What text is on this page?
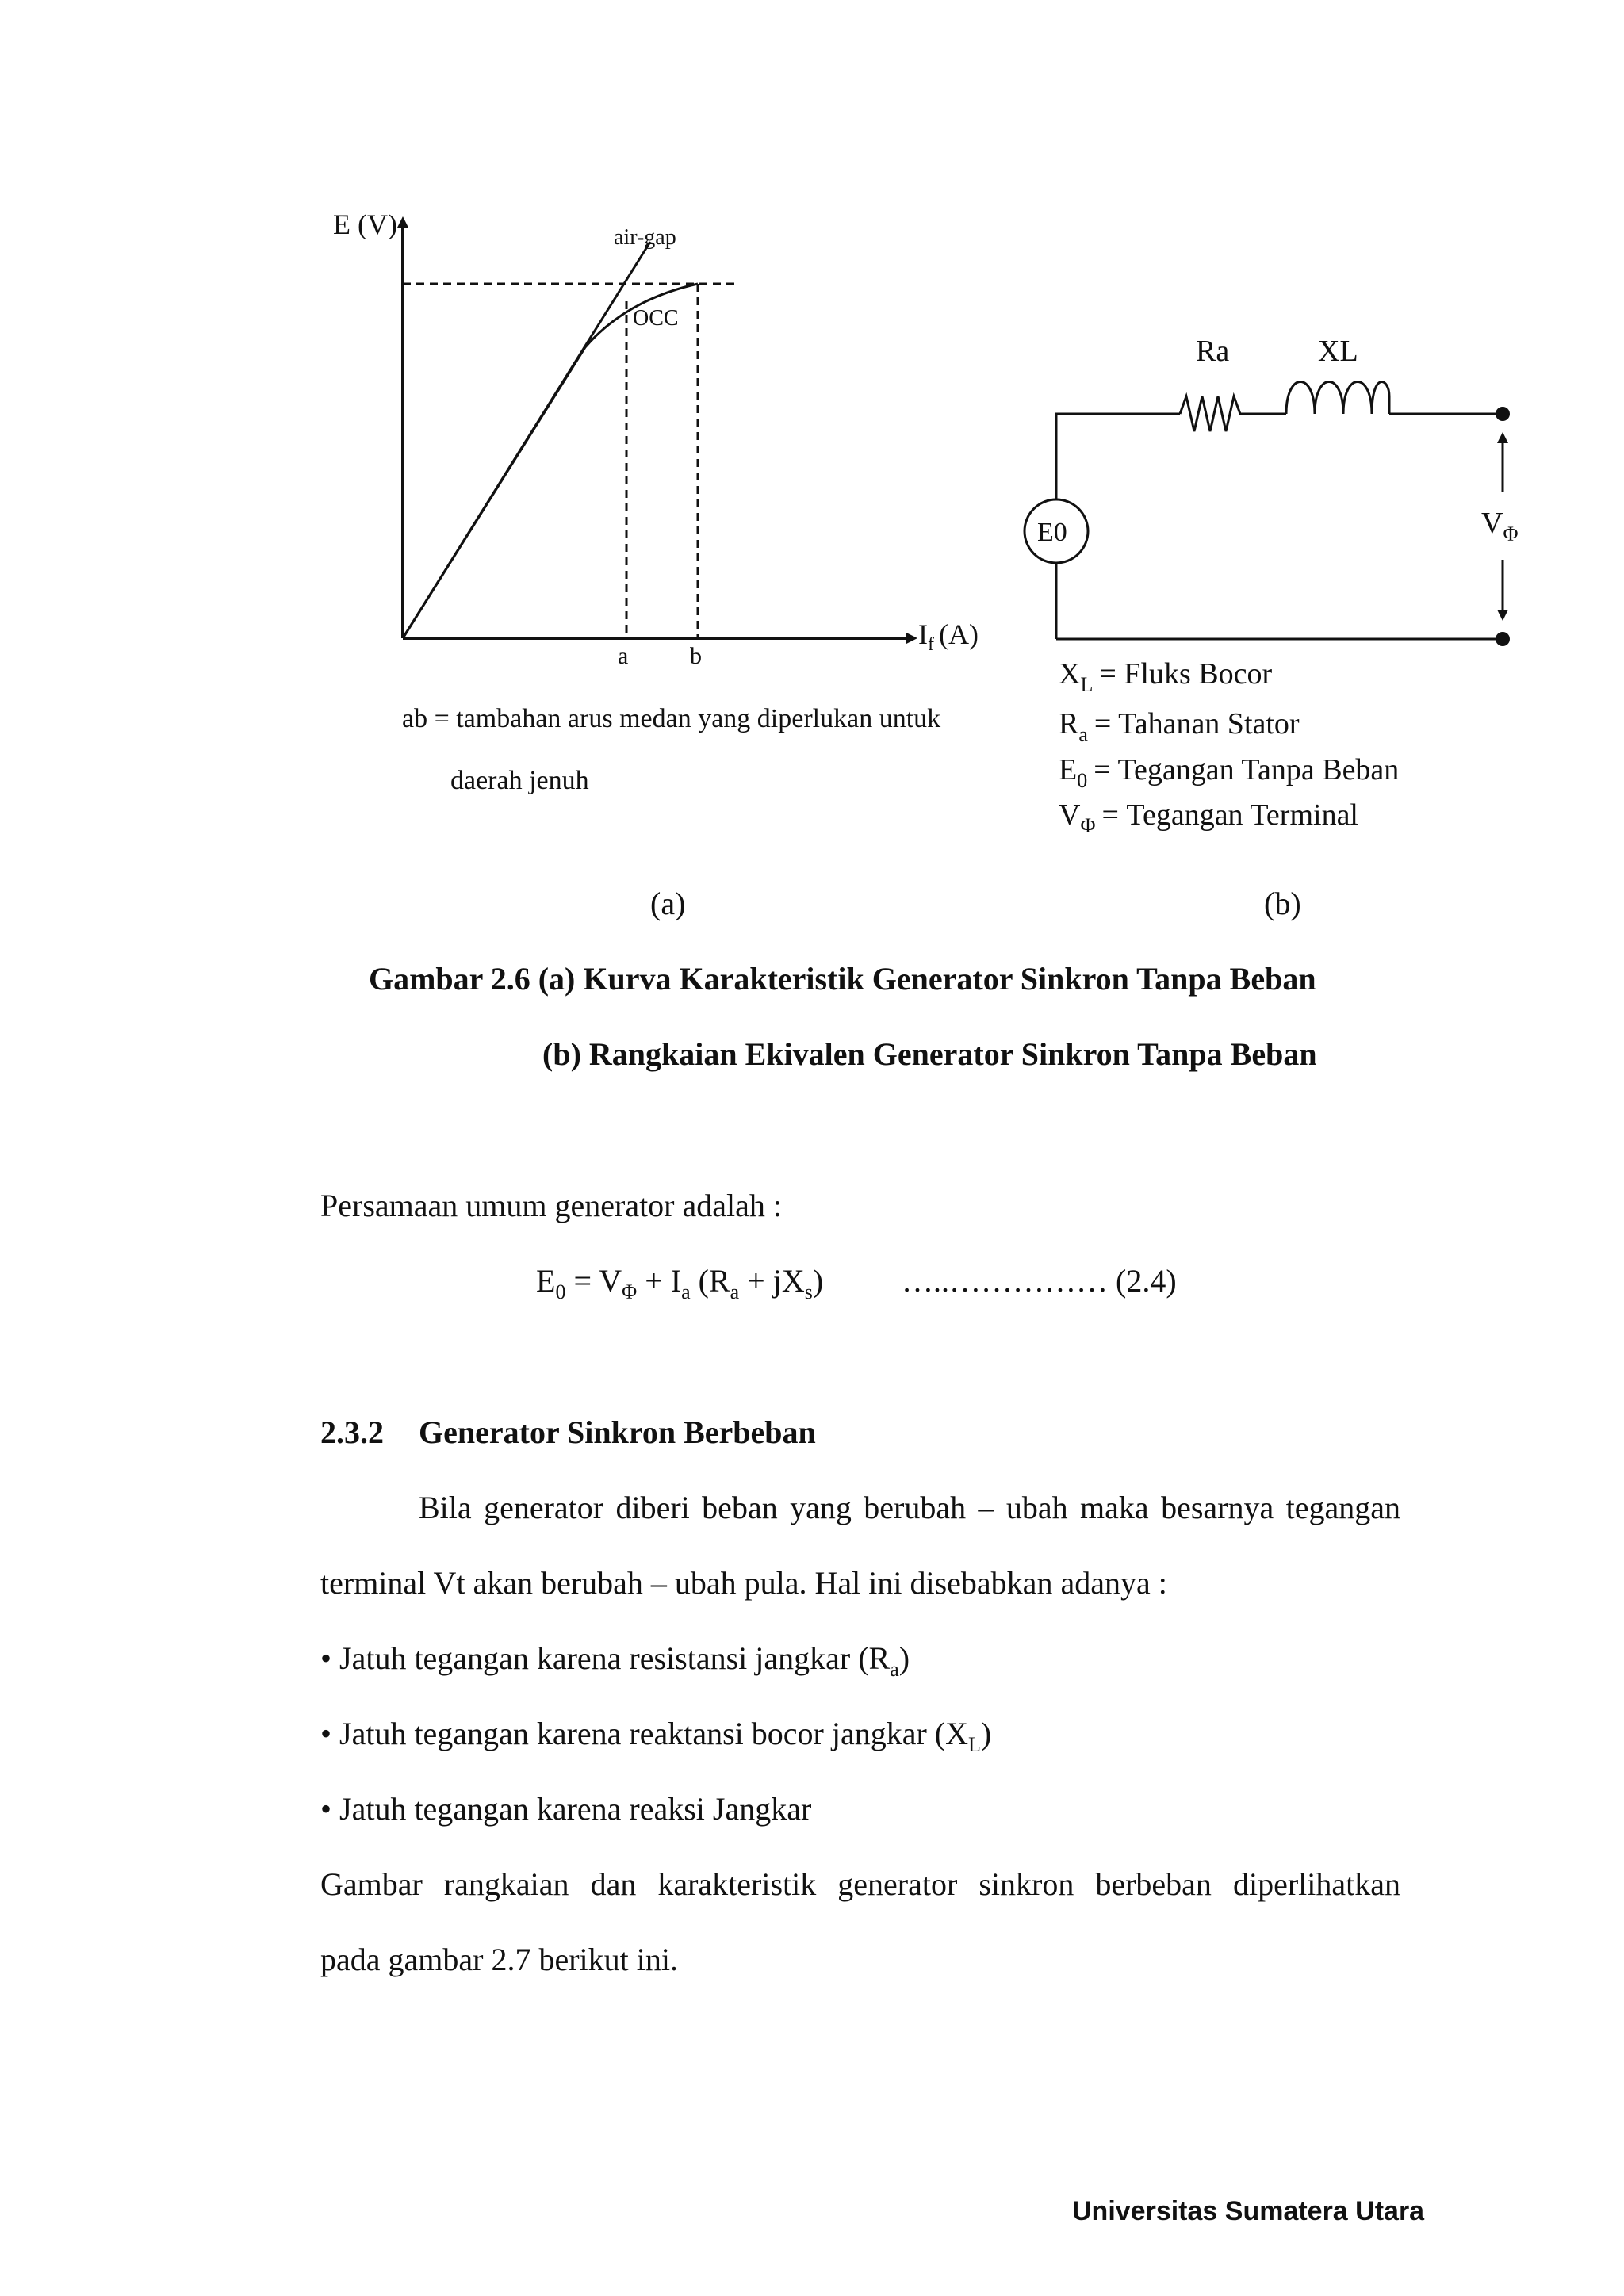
E (V)	air-gap
OCC
a	b
$I_f$ (A)
ab = tambahan arus medan yang diperlukan untuk
daerah jenuh
E0
Ra	XL
$V_\Phi$
$X_L$ = Fluks Bocor
$R_a$ = Tahanan Stator
$E_0$ = Tegangan Tanpa Beban
$V_\Phi$ = Tegangan Terminal
(a)	(b)
Gambar 2.6 (a) Kurva Karakteristik Generator Sinkron Tanpa Beban
(b) Rangkaian Ekivalen Generator Sinkron Tanpa Beban
Persamaan umum generator adalah :
$E_0 = V_\Phi + I_a$ $(R_a + jX_s)$ …..…………… (2.4)
2.3.2 Generator Sinkron Berbeban
Bila generator diberi beban yang berubah – ubah maka besarnya tegangan
terminal Vt akan berubah – ubah pula. Hal ini disebabkan adanya :
• Jatuh tegangan karena resistansi jangkar $(R_a)$
• Jatuh tegangan karena reaktansi bocor jangkar $(X_L)$
• Jatuh tegangan karena reaksi Jangkar
Gambar rangkaian dan karakteristik generator sinkron berbeban diperlihatkan
pada gambar 2.7 berikut ini.
Universitas Sumatera Utara
